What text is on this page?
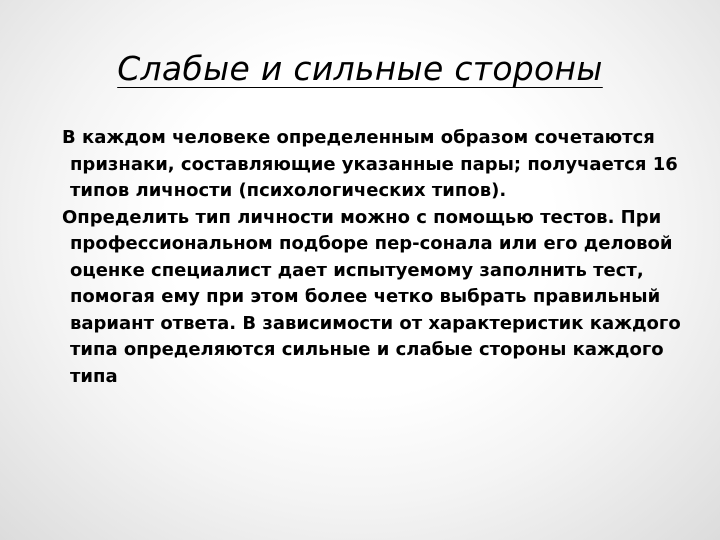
Слабые и сильные стороны

В каждом человеке определенным образом сочетаются признаки, составляющие указанные пары; получается 16 типов личности (психологических типов).

Определить тип личности можно с помощью тестов. При профессиональном подборе пер-сонала или его деловой оценке специалист дает испытуемому заполнить тест, помогая ему при этом более четко выбрать правильный вариант ответа. В зависимости от характеристик каждого типа определяются сильные и слабые стороны каждого типа
